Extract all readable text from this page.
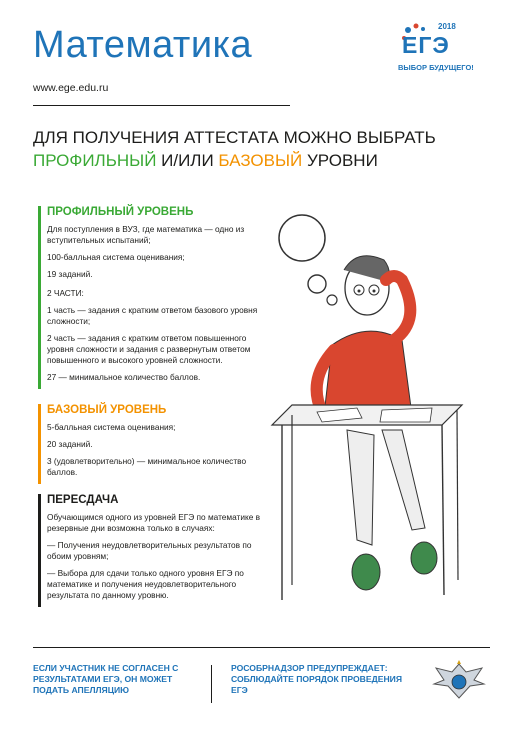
Математика
www.ege.edu.ru
2018
ЕГЭ
ВЫБОР БУДУЩЕГО!
ДЛЯ ПОЛУЧЕНИЯ АТТЕСТАТА МОЖНО ВЫБРАТЬ
ПРОФИЛЬНЫЙ И/ИЛИ БАЗОВЫЙ УРОВНИ
ПРОФИЛЬНЫЙ УРОВЕНЬ
Для поступления в ВУЗ, где математика — одно из вступительных испытаний;
100-балльная система оценивания;
19 заданий.
2 ЧАСТИ:
1 часть — задания с кратким ответом базового уровня сложности;
2 часть — задания с кратким ответом повышенного уровня сложности и задания с развернутым ответом повышенного и высокого уровней сложности.
27 — минимальное количество баллов.
БАЗОВЫЙ УРОВЕНЬ
5-балльная система оценивания;
20 заданий.
3 (удовлетворительно) — минимальное количество баллов.
ПЕРЕСДАЧА
Обучающимся одного из уровней ЕГЭ по математике в резервные дни возможна только в случаях:
— Получения неудовлетворительных результатов по обоим уровням;
— Выбора для сдачи только одного уровня ЕГЭ по математике и получения неудовлетворительного результата по данному уровню.
ЕСЛИ УЧАСТНИК НЕ СОГЛАСЕН С РЕЗУЛЬТАТАМИ ЕГЭ, ОН МОЖЕТ ПОДАТЬ АПЕЛЛЯЦИЮ
РОСОБРНАДЗОР ПРЕДУПРЕЖДАЕТ: СОБЛЮДАЙТЕ ПОРЯДОК ПРОВЕДЕНИЯ ЕГЭ
